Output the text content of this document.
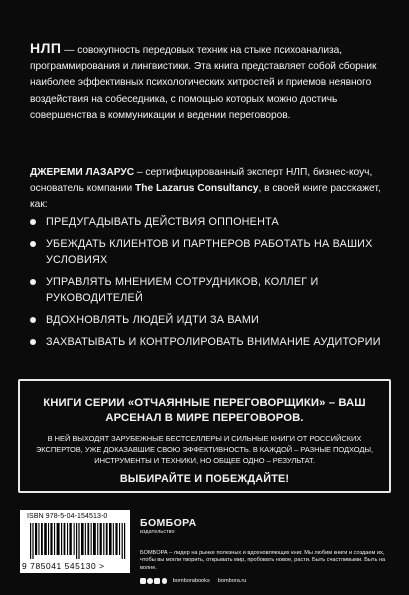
НЛП — совокупность передовых техник на стыке психоанализа, программирования и лингвистики. Эта книга представляет собой сборник наиболее эффективных психологических хитростей и приемов неявного воздействия на собеседника, с помощью которых можно достичь совершенства в коммуникации и ведении переговоров.
ДЖЕРЕМИ ЛАЗАРУС – сертифицированный эксперт НЛП, бизнес-коуч, основатель компании The Lazarus Consultancy, в своей книге расскажет, как:
ПРЕДУГАДЫВАТЬ ДЕЙСТВИЯ ОППОНЕНТА
УБЕЖДАТЬ КЛИЕНТОВ И ПАРТНЕРОВ РАБОТАТЬ НА ВАШИХ УСЛОВИЯХ
УПРАВЛЯТЬ МНЕНИЕМ СОТРУДНИКОВ, КОЛЛЕГ И РУКОВОДИТЕЛЕЙ
ВДОХНОВЛЯТЬ ЛЮДЕЙ ИДТИ ЗА ВАМИ
ЗАХВАТЫВАТЬ И КОНТРОЛИРОВАТЬ ВНИМАНИЕ АУДИТОРИИ
КНИГИ СЕРИИ «ОТЧАЯННЫЕ ПЕРЕГОВОРЩИКИ» – ВАШ АРСЕНАЛ В МИРЕ ПЕРЕГОВОРОВ.
В НЕЙ ВЫХОДЯТ ЗАРУБЕЖНЫЕ БЕСТСЕЛЛЕРЫ И СИЛЬНЫЕ КНИГИ ОТ РОССИЙСКИХ ЭКСПЕРТОВ, УЖЕ ДОКАЗАВШИЕ СВОЮ ЭФФЕКТИВНОСТЬ. В КАЖДОЙ – РАЗНЫЕ ПОДХОДЫ, ИНСТРУМЕНТЫ И ТЕХНИКИ, НО ОБЩЕЕ ОДНО – РЕЗУЛЬТАТ.
ВЫБИРАЙТЕ И ПОБЕЖДАЙТЕ!
ISBN 978-5-04-154513-0
9 785041 545130 >
БОМБОРА
издательство
БОМБОРА – лидер на рынке полезных и вдохновляющих книг. Мы любим книги и создаем их, чтобы вы могли творить, открывать мир, пробовать новое, расти. Быть счастливыми. Быть на волне.
bomborabooks bombora.ru
